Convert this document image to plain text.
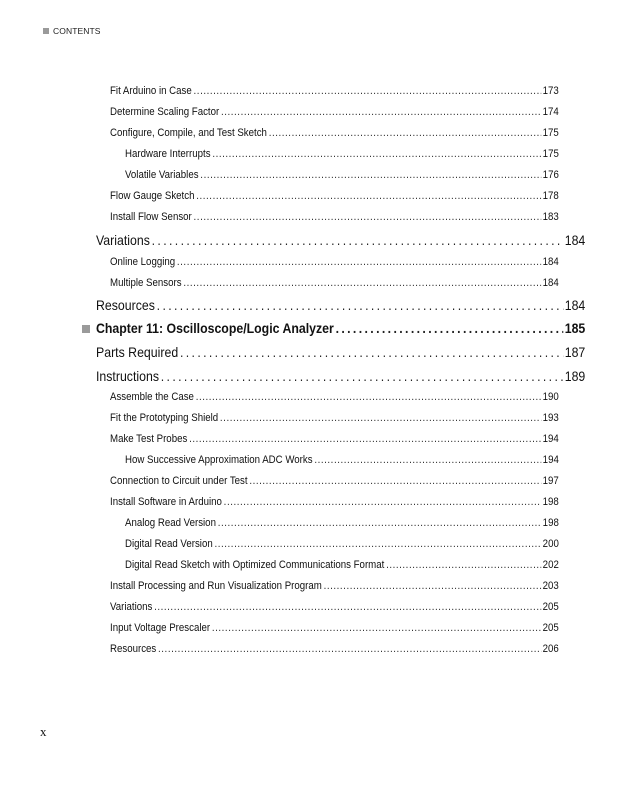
CONTENTS
Fit Arduino in Case . . .	173
Determine Scaling Factor . . .	174
Configure, Compile, and Test Sketch . . .	175
Hardware Interrupts . . .	175
Volatile Variables . . .	176
Flow Gauge Sketch . . .	178
Install Flow Sensor . . .	183
Variations . . .	184
Online Logging . . .	184
Multiple Sensors . . .	184
Resources . . .	184
Chapter 11: Oscilloscope/Logic Analyzer . . .	185
Parts Required . . .	187
Instructions . . .	189
Assemble the Case . . .	190
Fit the Prototyping Shield . . .	193
Make Test Probes . . .	194
How Successive Approximation ADC Works . . .	194
Connection to Circuit under Test . . .	197
Install Software in Arduino . . .	198
Analog Read Version . . .	198
Digital Read Version . . .	200
Digital Read Sketch with Optimized Communications Format . . .	202
Install Processing and Run Visualization Program . . .	203
Variations . . .	205
Input Voltage Prescaler . . .	205
Resources . . .	206
x
